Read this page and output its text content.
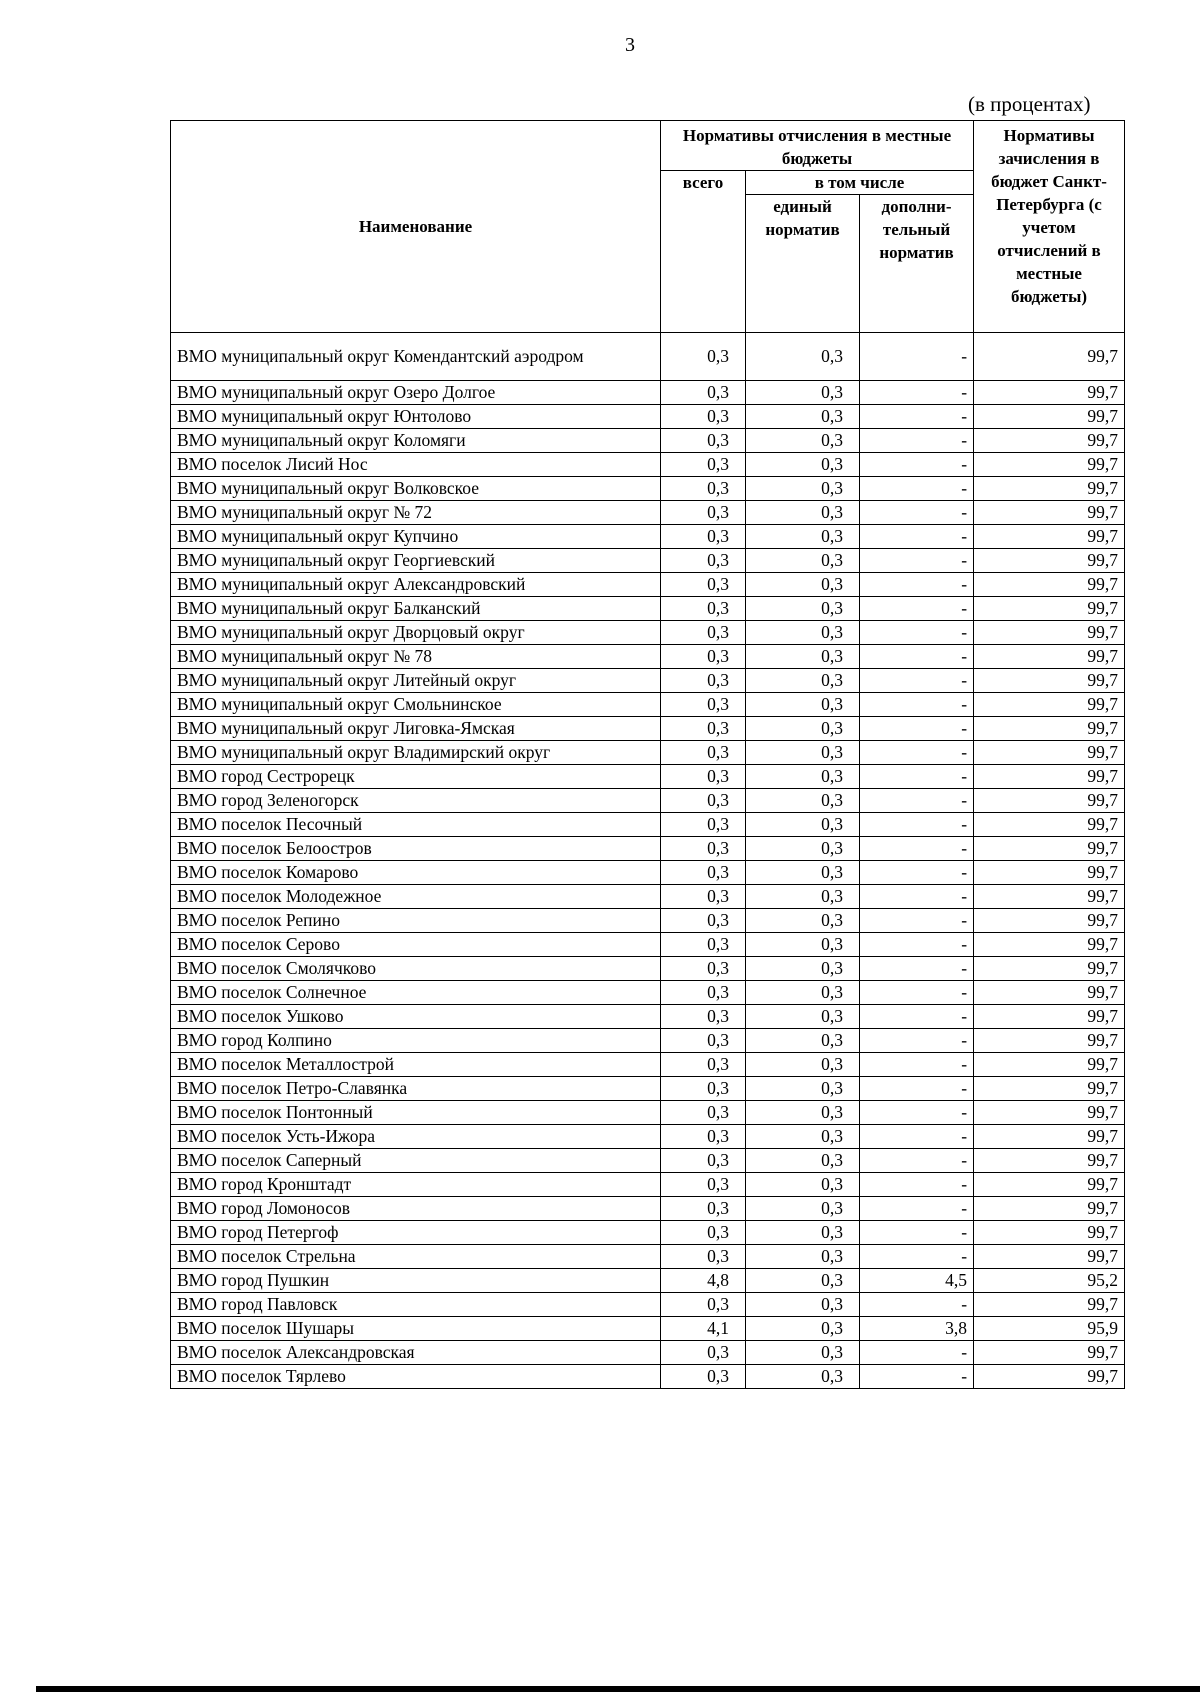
3
(в процентах)
Наименование	Нормативы отчисления в местные бюджеты			Нормативы зачисления в бюджет Санкт-Петербурга (с учетом отчислений в местные бюджеты)
	всего	в том числе		
		единый норматив	дополни-тельный норматив	
ВМО муниципальный округ Комендантский аэродром	0,3	0,3	-	99,7
ВМО муниципальный округ Озеро Долгое	0,3	0,3	-	99,7
ВМО муниципальный округ Юнтолово	0,3	0,3	-	99,7
ВМО муниципальный округ Коломяги	0,3	0,3	-	99,7
ВМО поселок Лисий Нос	0,3	0,3	-	99,7
ВМО муниципальный округ Волковское	0,3	0,3	-	99,7
ВМО муниципальный округ № 72	0,3	0,3	-	99,7
ВМО муниципальный округ Купчино	0,3	0,3	-	99,7
ВМО муниципальный округ Георгиевский	0,3	0,3	-	99,7
ВМО муниципальный округ Александровский	0,3	0,3	-	99,7
ВМО муниципальный округ Балканский	0,3	0,3	-	99,7
ВМО муниципальный округ Дворцовый округ	0,3	0,3	-	99,7
ВМО муниципальный округ № 78	0,3	0,3	-	99,7
ВМО муниципальный округ Литейный округ	0,3	0,3	-	99,7
ВМО муниципальный округ Смольнинское	0,3	0,3	-	99,7
ВМО муниципальный округ Лиговка-Ямская	0,3	0,3	-	99,7
ВМО муниципальный округ Владимирский округ	0,3	0,3	-	99,7
ВМО город Сестрорецк	0,3	0,3	-	99,7
ВМО город Зеленогорск	0,3	0,3	-	99,7
ВМО поселок Песочный	0,3	0,3	-	99,7
ВМО поселок Белоостров	0,3	0,3	-	99,7
ВМО поселок Комарово	0,3	0,3	-	99,7
ВМО поселок Молодежное	0,3	0,3	-	99,7
ВМО поселок Репино	0,3	0,3	-	99,7
ВМО поселок Серово	0,3	0,3	-	99,7
ВМО поселок Смолячково	0,3	0,3	-	99,7
ВМО поселок Солнечное	0,3	0,3	-	99,7
ВМО поселок Ушково	0,3	0,3	-	99,7
ВМО город Колпино	0,3	0,3	-	99,7
ВМО поселок Металлострой	0,3	0,3	-	99,7
ВМО поселок Петро-Славянка	0,3	0,3	-	99,7
ВМО поселок Понтонный	0,3	0,3	-	99,7
ВМО поселок Усть-Ижора	0,3	0,3	-	99,7
ВМО поселок Саперный	0,3	0,3	-	99,7
ВМО город Кронштадт	0,3	0,3	-	99,7
ВМО город Ломоносов	0,3	0,3	-	99,7
ВМО город Петергоф	0,3	0,3	-	99,7
ВМО поселок Стрельна	0,3	0,3	-	99,7
ВМО город Пушкин	4,8	0,3	4,5	95,2
ВМО город Павловск	0,3	0,3	-	99,7
ВМО поселок Шушары	4,1	0,3	3,8	95,9
ВМО поселок Александровская	0,3	0,3	-	99,7
ВМО поселок Тярлево	0,3	0,3	-	99,7
